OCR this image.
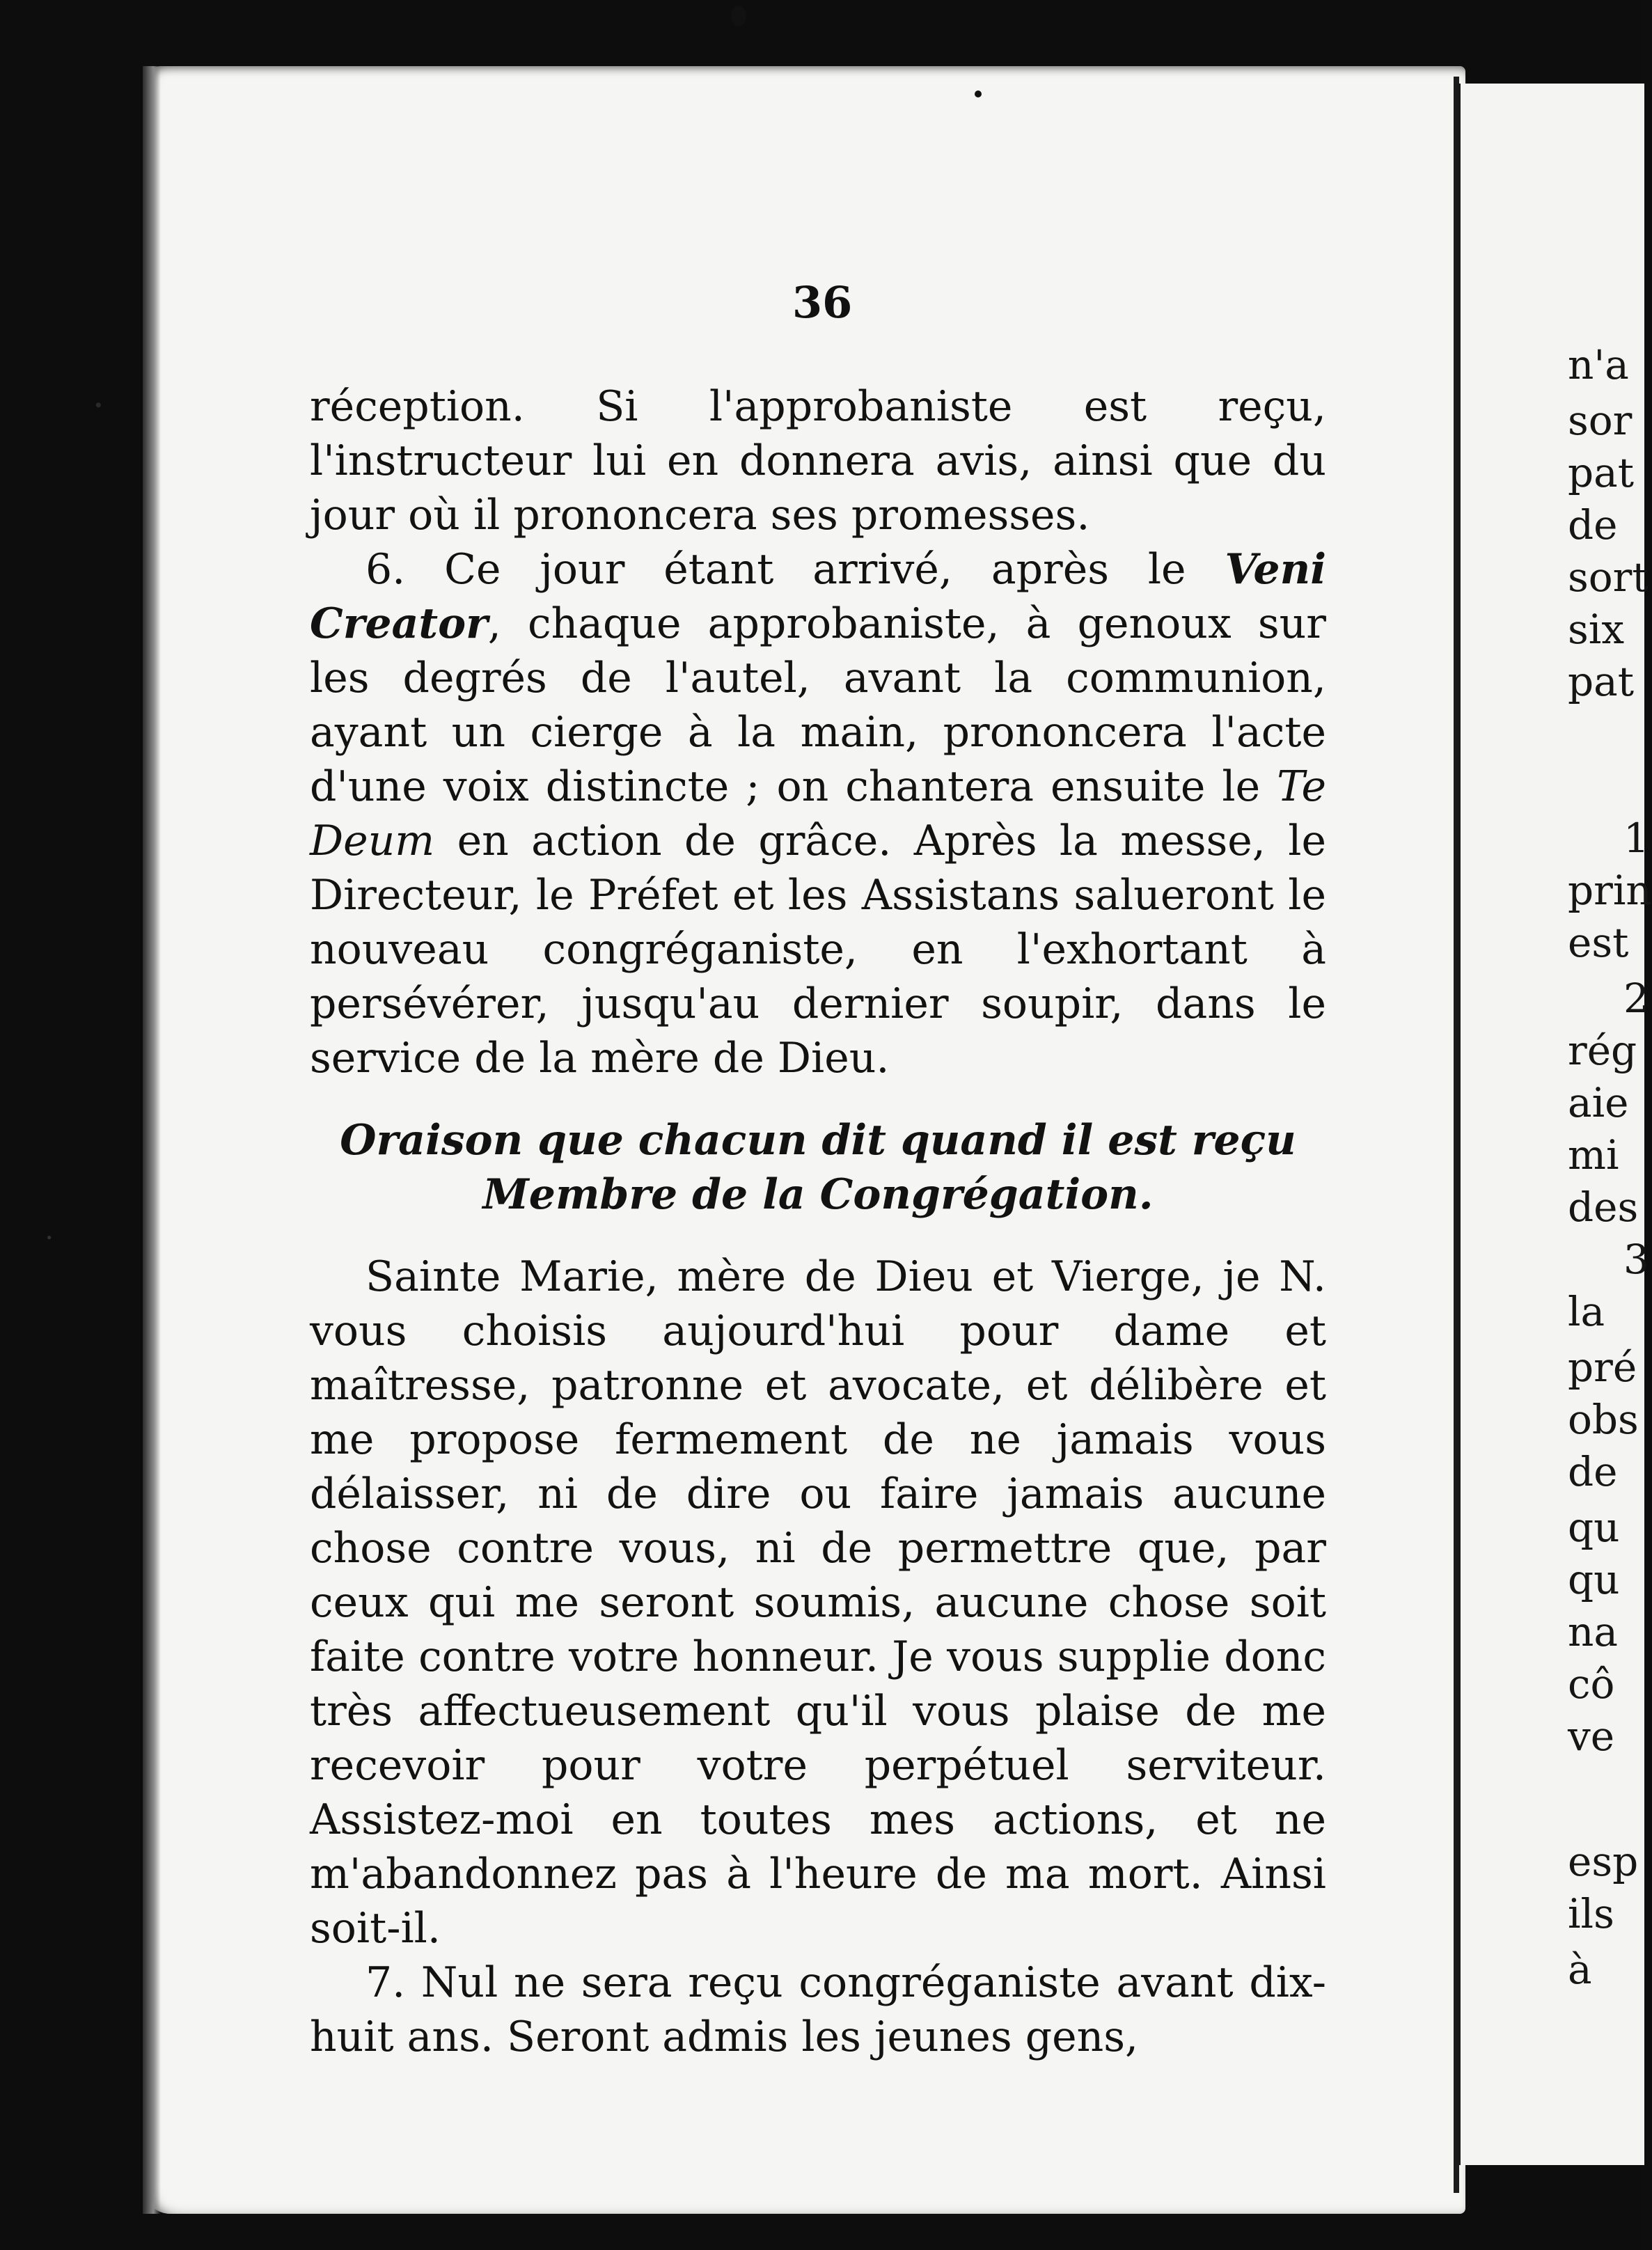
36

réception. Si l'approbaniste est reçu, l'instructeur lui en donnera avis, ainsi que du jour où il prononcera ses promesses.

6. Ce jour étant arrivé, après le Veni Creator, chaque approbaniste, à genoux sur les degrés de l'autel, avant la communion, ayant un cierge à la main, prononcera l'acte d'une voix distincte ; on chantera ensuite le Te Deum en action de grâce. Après la messe, le Directeur, le Préfet et les Assistans salueront le nouveau congréganiste, en l'exhortant à persévérer, jusqu'au dernier soupir, dans le service de la mère de Dieu.

Oraison que chacun dit quand il est reçu
Membre de la Congrégation.

Sainte Marie, mère de Dieu et Vierge, je N. vous choisis aujourd'hui pour dame et maîtresse, patronne et avocate, et délibère et me propose fermement de ne jamais vous délaisser, ni de dire ou faire jamais aucune chose contre vous, ni de permettre que, par ceux qui me seront soumis, aucune chose soit faite contre votre honneur. Je vous supplie donc très affectueusement qu'il vous plaise de me recevoir pour votre perpétuel serviteur. Assistez-moi en toutes mes actions, et ne m'abandonnez pas à l'heure de ma mort. Ainsi soit-il.

7. Nul ne sera reçu congréganiste avant dix-huit ans. Seront admis les jeunes gens,

n'a
sor
pat
de
sort
six
pat
1
prin
est
2
rég
aie
mi
des
3
la
pré
obs
de
qu
qu
na
cô
ve
esp
ils
à
